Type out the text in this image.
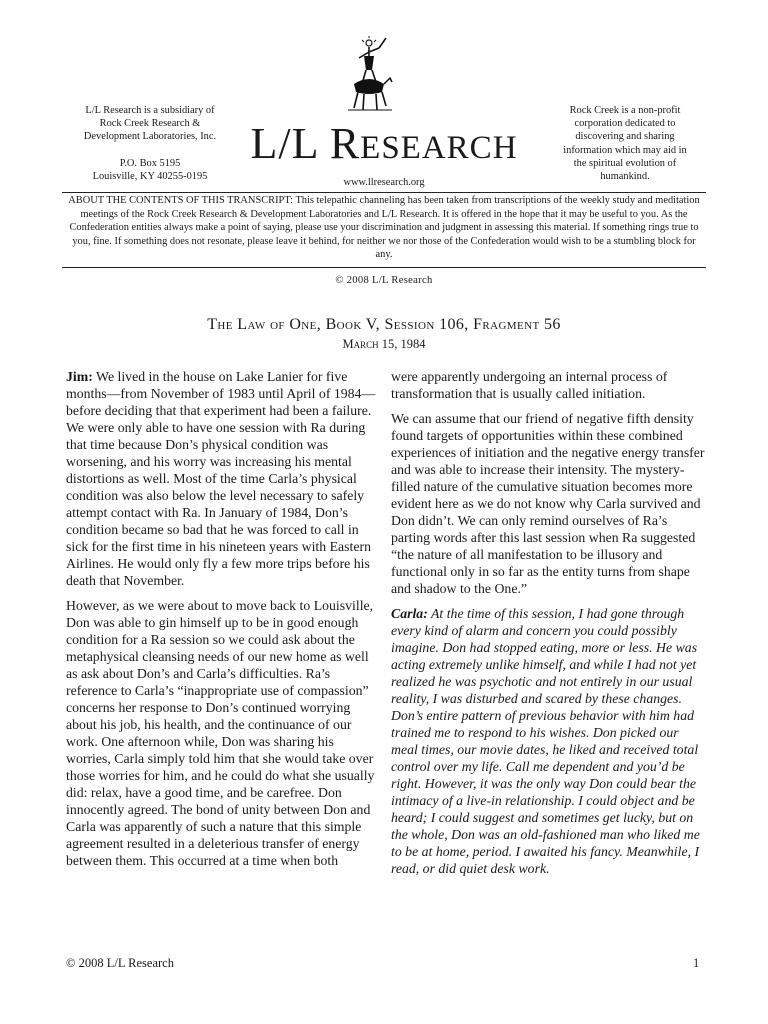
L/L Research is a subsidiary of
Rock Creek Research &
Development Laboratories, Inc.
P.O. Box 5195
Louisville, KY 40255-0195
L/L RESEARCH
www.llresearch.org
Rock Creek is a non-profit
corporation dedicated to
discovering and sharing
information which may aid in
the spiritual evolution of
humankind.
ABOUT THE CONTENTS OF THIS TRANSCRIPT: This telepathic channeling has been taken from transcriptions of the weekly study and meditation meetings of the Rock Creek Research & Development Laboratories and L/L Research. It is offered in the hope that it may be useful to you. As the Confederation entities always make a point of saying, please use your discrimination and judgment in assessing this material. If something rings true to you, fine. If something does not resonate, please leave it behind, for neither we nor those of the Confederation would wish to be a stumbling block for any.
© 2008 L/L Research
The Law of One, Book V, Session 106, Fragment 56
March 15, 1984

Jim: We lived in the house on Lake Lanier for five months—from November of 1983 until April of 1984—before deciding that that experiment had been a failure. We were only able to have one session with Ra during that time because Don’s physical condition was worsening, and his worry was increasing his mental distortions as well. Most of the time Carla’s physical condition was also below the level necessary to safely attempt contact with Ra. In January of 1984, Don’s condition became so bad that he was forced to call in sick for the first time in his nineteen years with Eastern Airlines. He would only fly a few more trips before his death that November.

However, as we were about to move back to Louisville, Don was able to gin himself up to be in good enough condition for a Ra session so we could ask about the metaphysical cleansing needs of our new home as well as ask about Don’s and Carla’s difficulties. Ra’s reference to Carla’s “inappropriate use of compassion” concerns her response to Don’s continued worrying about his job, his health, and the continuance of our work. One afternoon while, Don was sharing his worries, Carla simply told him that she would take over those worries for him, and he could do what she usually did: relax, have a good time, and be carefree. Don innocently agreed. The bond of unity between Don and Carla was apparently of such a nature that this simple agreement resulted in a deleterious transfer of energy between them. This occurred at a time when both

were apparently undergoing an internal process of transformation that is usually called initiation.

We can assume that our friend of negative fifth density found targets of opportunities within these combined experiences of initiation and the negative energy transfer and was able to increase their intensity. The mystery-filled nature of the cumulative situation becomes more evident here as we do not know why Carla survived and Don didn’t. We can only remind ourselves of Ra’s parting words after this last session when Ra suggested “the nature of all manifestation to be illusory and functional only in so far as the entity turns from shape and shadow to the One.”

Carla: At the time of this session, I had gone through every kind of alarm and concern you could possibly imagine. Don had stopped eating, more or less. He was acting extremely unlike himself, and while I had not yet realized he was psychotic and not entirely in our usual reality, I was disturbed and scared by these changes. Don’s entire pattern of previous behavior with him had trained me to respond to his wishes. Don picked our meal times, our movie dates, he liked and received total control over my life. Call me dependent and you’d be right. However, it was the only way Don could bear the intimacy of a live-in relationship. I could object and be heard; I could suggest and sometimes get lucky, but on the whole, Don was an old-fashioned man who liked me to be at home, period. I awaited his fancy. Meanwhile, I read, or did quiet desk work.

© 2008 L/L Research	1
